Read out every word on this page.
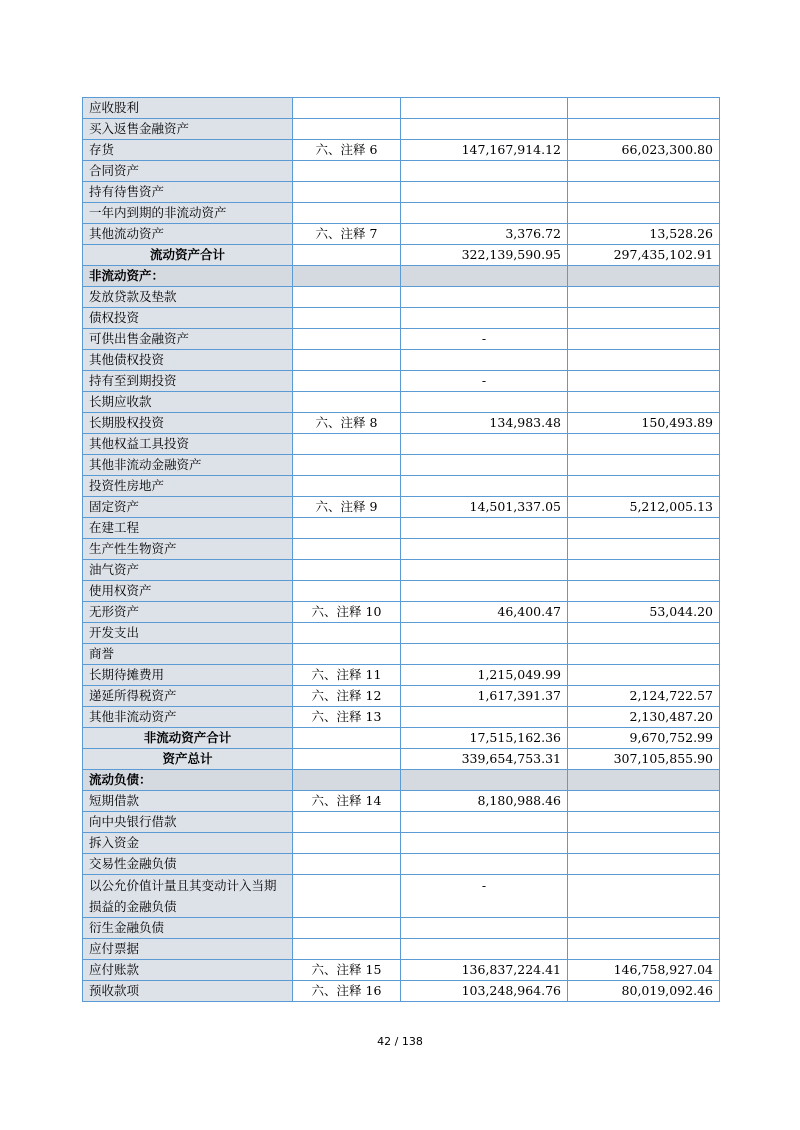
应收股利			
买入返售金融资产			
存货	六、注释 6	147,167,914.12	66,023,300.80
合同资产			
持有待售资产			
一年内到期的非流动资产			
其他流动资产	六、注释 7	3,376.72	13,528.26
流动资产合计		322,139,590.95	297,435,102.91
非流动资产：			
发放贷款及垫款			
债权投资			
可供出售金融资产		-	
其他债权投资			
持有至到期投资		-	
长期应收款			
长期股权投资	六、注释 8	134,983.48	150,493.89
其他权益工具投资			
其他非流动金融资产			
投资性房地产			
固定资产	六、注释 9	14,501,337.05	5,212,005.13
在建工程			
生产性生物资产			
油气资产			
使用权资产			
无形资产	六、注释 10	46,400.47	53,044.20
开发支出			
商誉			
长期待摊费用	六、注释 11	1,215,049.99	
递延所得税资产	六、注释 12	1,617,391.37	2,124,722.57
其他非流动资产	六、注释 13		2,130,487.20
非流动资产合计		17,515,162.36	9,670,752.99
资产总计		339,654,753.31	307,105,855.90
流动负债：			
短期借款	六、注释 14	8,180,988.46	
向中央银行借款			
拆入资金			
交易性金融负债			
以公允价值计量且其变动计入当期损益的金融负债		-	
衍生金融负债			
应付票据			
应付账款	六、注释 15	136,837,224.41	146,758,927.04
预收款项	六、注释 16	103,248,964.76	80,019,092.46
42 / 138
